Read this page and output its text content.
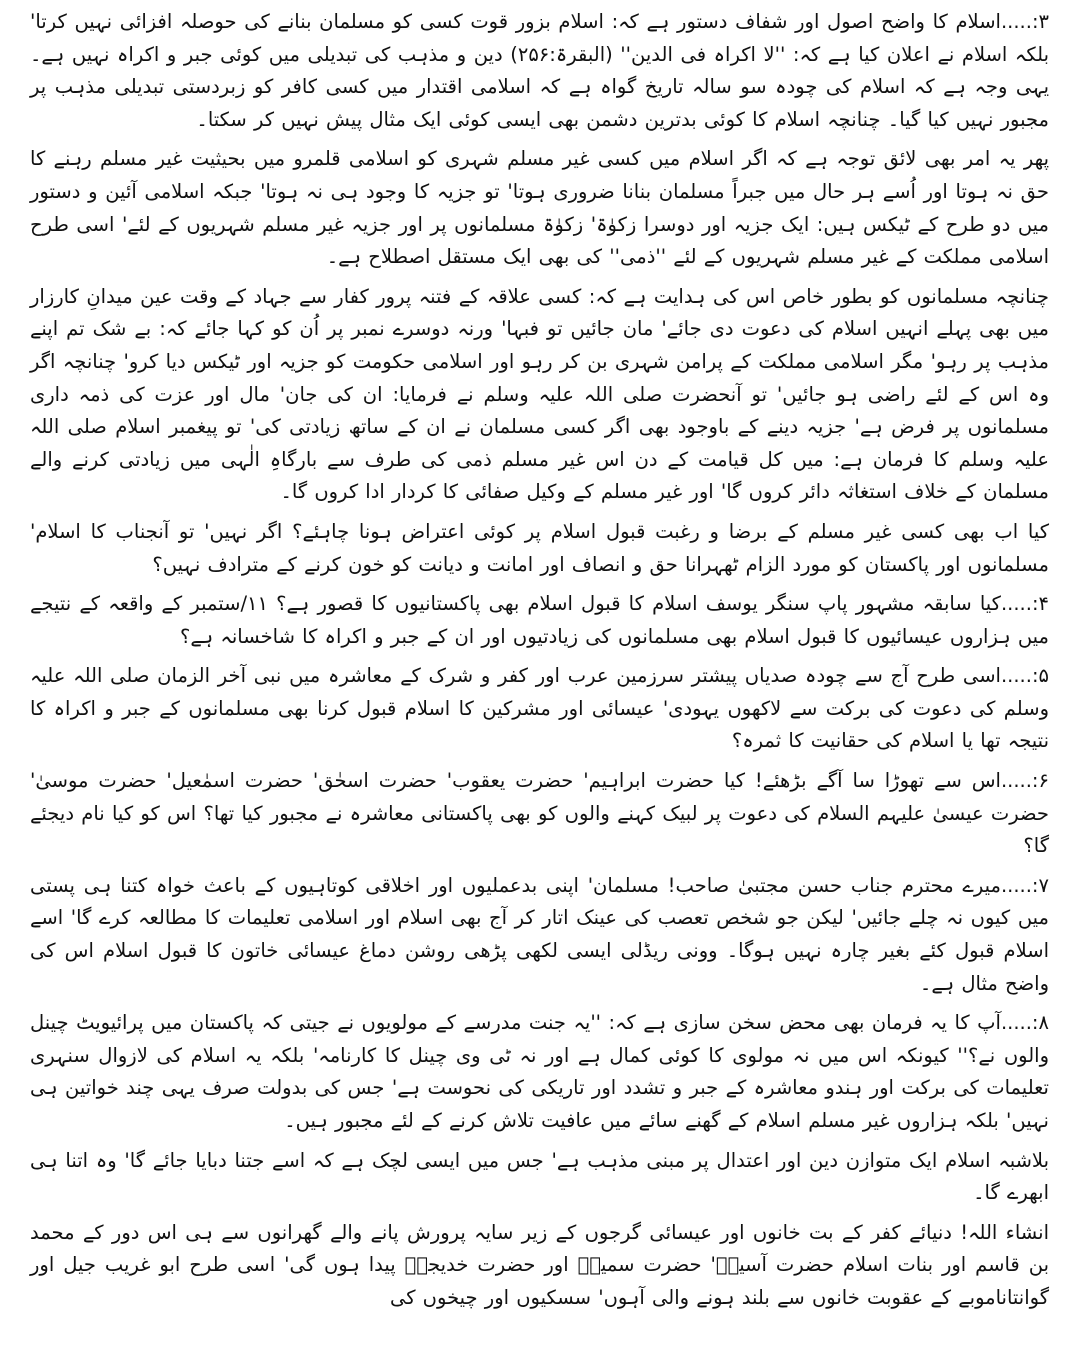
۳:.....اسلام کا واضح اصول اور شفاف دستور ہے کہ: اسلام بزور قوت کسی کو مسلمان بنانے کی حوصلہ افزائی نہیں کرتا' بلکہ اسلام نے اعلان کیا ہے کہ: ''لا اکراہ فی الدین'' (البقرۃ:۲۵۶) دین و مذہب کی تبدیلی میں کوئی جبر و اکراہ نہیں ہے۔ یہی وجہ ہے کہ اسلام کی چودہ سو سالہ تاریخ گواہ ہے کہ اسلامی اقتدار میں کسی کافر کو زبردستی تبدیلی مذہب پر مجبور نہیں کیا گیا۔ چنانچہ اسلام کا کوئی بدترین دشمن بھی ایسی کوئی ایک مثال پیش نہیں کر سکتا۔

پھر یہ امر بھی لائق توجہ ہے کہ اگر اسلام میں کسی غیر مسلم شہری کو اسلامی قلمرو میں بحیثیت غیر مسلم رہنے کا حق نہ ہوتا اور اُسے ہر حال میں جبراً مسلمان بنانا ضروری ہوتا' تو جزیہ کا وجود ہی نہ ہوتا' جبکہ اسلامی آئین و دستور میں دو طرح کے ٹیکس ہیں: ایک جزیہ اور دوسرا زکوٰۃ' زکوٰۃ مسلمانوں پر اور جزیہ غیر مسلم شہریوں کے لئے' اسی طرح اسلامی مملکت کے غیر مسلم شہریوں کے لئے ''ذمی'' کی بھی ایک مستقل اصطلاح ہے۔

چنانچہ مسلمانوں کو بطور خاص اس کی ہدایت ہے کہ: کسی علاقہ کے فتنہ پرور کفار سے جہاد کے وقت عین میدانِ کارزار میں بھی پہلے انہیں اسلام کی دعوت دی جائے' مان جائیں تو فبہا' ورنہ دوسرے نمبر پر اُن کو کہا جائے کہ: بے شک تم اپنے مذہب پر رہو' مگر اسلامی مملکت کے پرامن شہری بن کر رہو اور اسلامی حکومت کو جزیہ اور ٹیکس دیا کرو' چنانچہ اگر وہ اس کے لئے راضی ہو جائیں' تو آنحضرت صلی اللہ علیہ وسلم نے فرمایا: ان کی جان' مال اور عزت کی ذمہ داری مسلمانوں پر فرض ہے' جزیہ دینے کے باوجود بھی اگر کسی مسلمان نے ان کے ساتھ زیادتی کی' تو پیغمبر اسلام صلی اللہ علیہ وسلم کا فرمان ہے: میں کل قیامت کے دن اس غیر مسلم ذمی کی طرف سے بارگاہِ الٰہی میں زیادتی کرنے والے مسلمان کے خلاف استغاثہ دائر کروں گا' اور غیر مسلم کے وکیل صفائی کا کردار ادا کروں گا۔

کیا اب بھی کسی غیر مسلم کے برضا و رغبت قبول اسلام پر کوئی اعتراض ہونا چاہئے؟ اگر نہیں' تو آنجناب کا اسلام' مسلمانوں اور پاکستان کو مورد الزام ٹھہرانا حق و انصاف اور امانت و دیانت کو خون کرنے کے مترادف نہیں؟

۴:.....کیا سابقہ مشہور پاپ سنگر یوسف اسلام کا قبول اسلام بھی پاکستانیوں کا قصور ہے؟ ۱۱/ستمبر کے واقعہ کے نتیجے میں ہزاروں عیسائیوں کا قبول اسلام بھی مسلمانوں کی زیادتیوں اور ان کے جبر و اکراہ کا شاخسانہ ہے؟

۵:.....اسی طرح آج سے چودہ صدیاں پیشتر سرزمین عرب اور کفر و شرک کے معاشرہ میں نبی آخر الزمان صلی اللہ علیہ وسلم کی دعوت کی برکت سے لاکھوں یہودی' عیسائی اور مشرکین کا اسلام قبول کرنا بھی مسلمانوں کے جبر و اکراہ کا نتیجہ تھا یا اسلام کی حقانیت کا ثمرہ؟

۶:.....اس سے تھوڑا سا آگے بڑھئے! کیا حضرت ابراہیم' حضرت یعقوب' حضرت اسحٰق' حضرت اسمٰعیل' حضرت موسیٰ' حضرت عیسیٰ علیہم السلام کی دعوت پر لبیک کہنے والوں کو بھی پاکستانی معاشرہ نے مجبور کیا تھا؟ اس کو کیا نام دیجئے گا؟

۷:.....میرے محترم جناب حسن مجتبیٰ صاحب! مسلمان' اپنی بدعملیوں اور اخلاقی کوتاہیوں کے باعث خواہ کتنا ہی پستی میں کیوں نہ چلے جائیں' لیکن جو شخص تعصب کی عینک اتار کر آج بھی اسلام اور اسلامی تعلیمات کا مطالعہ کرے گا' اسے اسلام قبول کئے بغیر چارہ نہیں ہوگا۔ وونی ریڈلی ایسی لکھی پڑھی روشن دماغ عیسائی خاتون کا قبول اسلام اس کی واضح مثال ہے۔

۸:.....آپ کا یہ فرمان بھی محض سخن سازی ہے کہ: ''یہ جنت مدرسے کے مولویوں نے جیتی کہ پاکستان میں پرائیویٹ چینل والوں نے؟'' کیونکہ اس میں نہ مولوی کا کوئی کمال ہے اور نہ ٹی وی چینل کا کارنامہ' بلکہ یہ اسلام کی لازوال سنہری تعلیمات کی برکت اور ہندو معاشرہ کے جبر و تشدد اور تاریکی کی نحوست ہے' جس کی بدولت صرف یہی چند خواتین ہی نہیں' بلکہ ہزاروں غیر مسلم اسلام کے گھنے سائے میں عافیت تلاش کرنے کے لئے مجبور ہیں۔

بلاشبہ اسلام ایک متوازن دین اور اعتدال پر مبنی مذہب ہے' جس میں ایسی لچک ہے کہ اسے جتنا دبایا جائے گا' وہ اتنا ہی ابھرے گا۔

انشاء اللہ! دنیائے کفر کے بت خانوں اور عیسائی گرجوں کے زیر سایہ پرورش پانے والے گھرانوں سے ہی اس دور کے محمد بن قاسم اور بنات اسلام حضرت آسیہؓ' حضرت سمیہؓ اور حضرت خدیجہؓ پیدا ہوں گی' اسی طرح ابو غریب جیل اور گوانتاناموبے کے عقوبت خانوں سے بلند ہونے والی آہوں' سسکیوں اور چیخوں کی
